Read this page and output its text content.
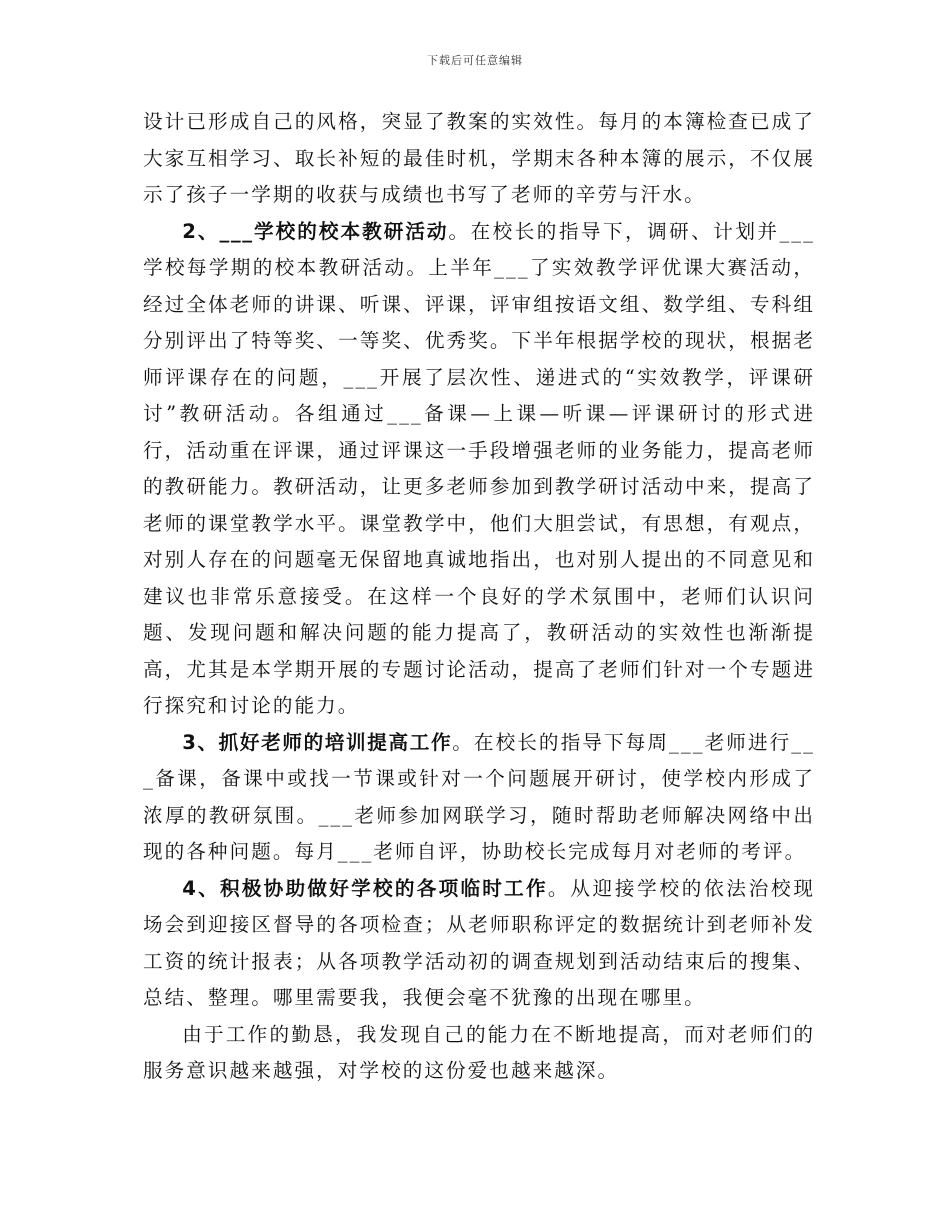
下载后可任意编辑

设计已形成自己的风格，突显了教案的实效性。每月的本簿检查已成了大家互相学习、取长补短的最佳时机，学期末各种本簿的展示，不仅展示了孩子一学期的收获与成绩也书写了老师的辛劳与汗水。

2、___学校的校本教研活动。在校长的指导下，调研、计划并___学校每学期的校本教研活动。上半年___了实效教学评优课大赛活动，经过全体老师的讲课、听课、评课，评审组按语文组、数学组、专科组分别评出了特等奖、一等奖、优秀奖。下半年根据学校的现状，根据老师评课存在的问题，___开展了层次性、递进式的“实效教学，评课研讨”教研活动。各组通过___备课—上课—听课—评课研讨的形式进行，活动重在评课，通过评课这一手段增强老师的业务能力，提高老师的教研能力。教研活动，让更多老师参加到教学研讨活动中来，提高了老师的课堂教学水平。课堂教学中，他们大胆尝试，有思想，有观点，对别人存在的问题毫无保留地真诚地指出，也对别人提出的不同意见和建议也非常乐意接受。在这样一个良好的学术氛围中，老师们认识问题、发现问题和解决问题的能力提高了，教研活动的实效性也渐渐提高，尤其是本学期开展的专题讨论活动，提高了老师们针对一个专题进行探究和讨论的能力。

3、抓好老师的培训提高工作。在校长的指导下每周___老师进行___备课，备课中或找一节课或针对一个问题展开研讨，使学校内形成了浓厚的教研氛围。___老师参加网联学习，随时帮助老师解决网络中出现的各种问题。每月___老师自评，协助校长完成每月对老师的考评。

4、积极协助做好学校的各项临时工作。从迎接学校的依法治校现场会到迎接区督导的各项检查；从老师职称评定的数据统计到老师补发工资的统计报表；从各项教学活动初的调查规划到活动结束后的搜集、总结、整理。哪里需要我，我便会毫不犹豫的出现在哪里。

由于工作的勤恳，我发现自己的能力在不断地提高，而对老师们的服务意识越来越强，对学校的这份爱也越来越深。
